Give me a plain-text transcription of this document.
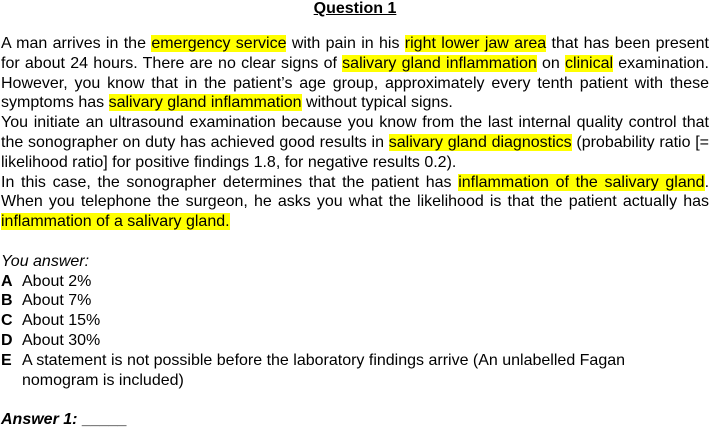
Question 1
A man arrives in the emergency service with pain in his right lower jaw area that has been present for about 24 hours. There are no clear signs of salivary gland inflammation on clinical examination. However, you know that in the patient’s age group, approximately every tenth patient with these symptoms has salivary gland inflammation without typical signs.
You initiate an ultrasound examination because you know from the last internal quality control that the sonographer on duty has achieved good results in salivary gland diagnostics (probability ratio [= likelihood ratio] for positive findings 1.8, for negative results 0.2).
In this case, the sonographer determines that the patient has inflammation of the salivary gland. When you telephone the surgeon, he asks you what the likelihood is that the patient actually has inflammation of a salivary gland.
You answer:
A About 2%
B About 7%
C About 15%
D About 30%
E A statement is not possible before the laboratory findings arrive (An unlabelled Fagan nomogram is included)
Answer 1: _____
